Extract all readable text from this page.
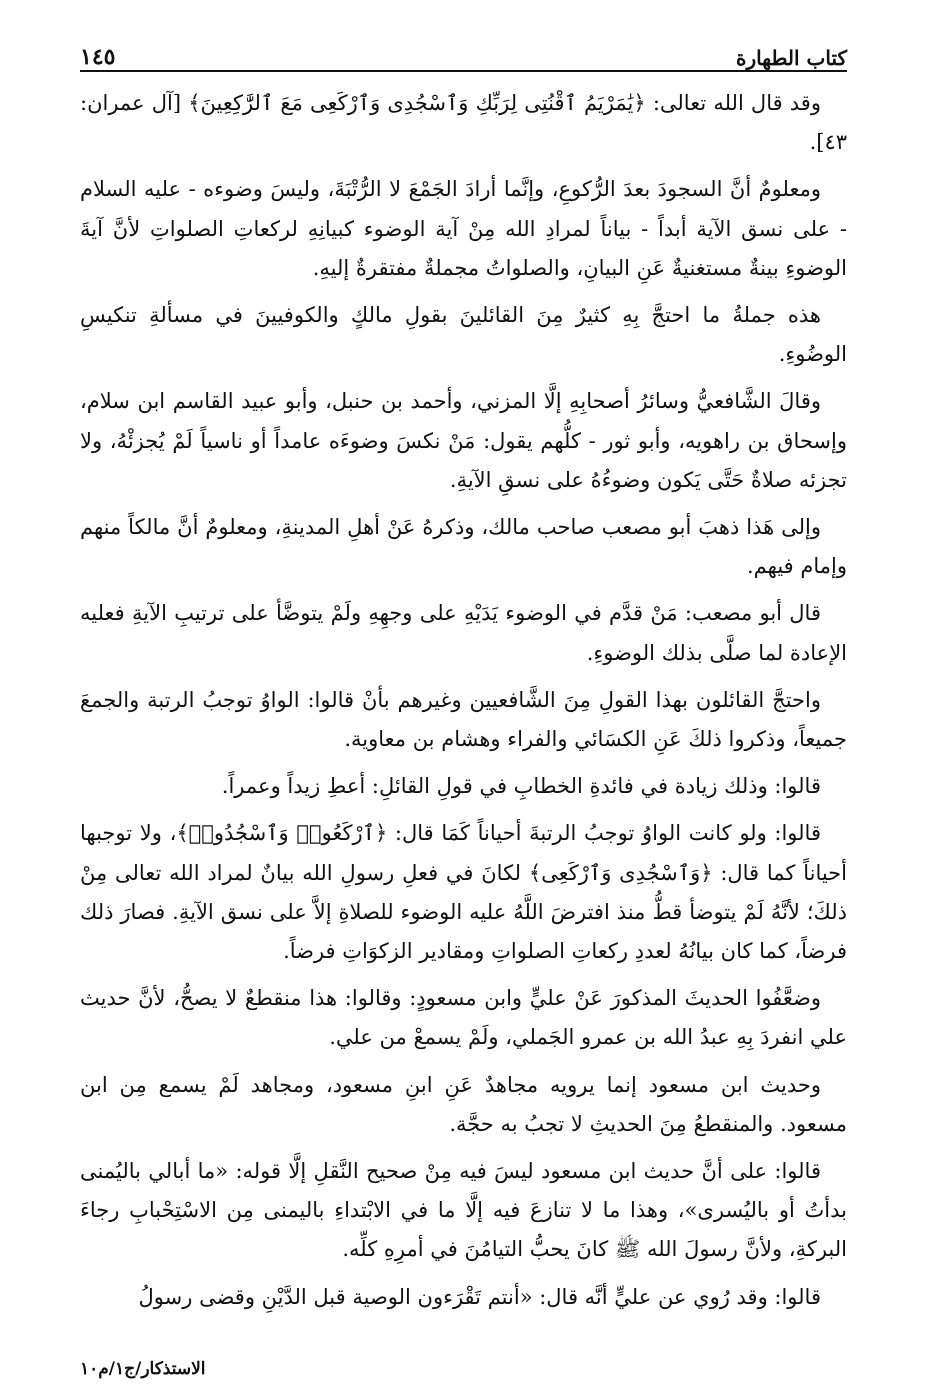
كتاب الطهارة
١٤٥

وقد قال الله تعالى: ﴿يَٰمَرْيَمُ ٱقْنُتِى لِرَبِّكِ وَٱسْجُدِى وَٱرْكَعِى مَعَ ٱلرَّٰكِعِينَ﴾ [آل عمران: ٤٣].

ومعلومٌ أنَّ السجودَ بعدَ الرُّكوعِ، وإنَّما أرادَ الجَمْعَ لا الرُّتْبَةَ، وليسَ وضوءه - عليه السلام - على نسق الآية أبداً - بياناً لمرادِ الله مِنْ آية الوضوء كبيانِهِ لركعاتِ الصلواتِ لأنَّ آيةَ الوضوءِ بينةٌ مستغنيةٌ عَنِ البيانِ، والصلواتُ مجملةٌ مفتقرةٌ إليهِ.

هذه جملةُ ما احتجَّ بِهِ كثيرٌ مِنَ القائلينَ بقولِ مالكٍ والكوفيينَ في مسألةِ تنكيسِ الوضُوءِ.

وقالَ الشَّافعيُّ وسائرُ أصحابِهِ إلَّا المزني، وأحمد بن حنبل، وأبو عبيد القاسم ابن سلام، وإسحاق بن راهويه، وأبو ثور - كلُّهم يقول: مَنْ نكسَ وضوءَه عامداً أو ناسياً لَمْ يُجزئْهُ، ولا تجزئه صلاةٌ حَتَّى يَكون وضوءُهُ على نسقِ الآيةِ.

وإلى هَذا ذهبَ أبو مصعب صاحب مالك، وذكرهُ عَنْ أهلِ المدينةِ، ومعلومٌ أنَّ مالكاً منهم وإمام فيهم.

قال أبو مصعب: مَنْ قدَّم في الوضوء يَدَيْهِ على وجهِهِ ولَمْ يتوضَّأ على ترتيبِ الآيةِ فعليه الإعادة لما صلَّى بذلك الوضوءِ.

واحتجَّ القائلون بهذا القولِ مِنَ الشَّافعيين وغيرهم بأنْ قالوا: الواوُ توجبُ الرتبة والجمعَ جميعاً، وذكروا ذلكَ عَنِ الكسَائي والفراء وهشام بن معاوية.

قالوا: وذلك زيادة في فائدةِ الخطابِ في قولِ القائلِ: أعطِ زيداً وعمراً.

قالوا: ولو كانت الواوُ توجبُ الرتبةَ أحياناً كَمَا قال: ﴿ٱرْكَعُوا۟ وَٱسْجُدُوا۟﴾، ولا توجبها أحياناً كما قال: ﴿وَٱسْجُدِى وَٱرْكَعِى﴾ لكانَ في فعلِ رسولِ الله بيانٌ لمراد الله تعالى مِنْ ذلكَ؛ لأنَّهُ لَمْ يتوضأ قطُّ منذ افترضَ اللَّهُ عليه الوضوء للصلاةِ إلاَّ على نسق الآيةِ. فصارَ ذلك فرضاً، كما كان بيانُهُ لعددِ ركعاتِ الصلواتِ ومقادير الزكوَاتِ فرضاً.

وضعَّفُوا الحديثَ المذكورَ عَنْ عليٍّ وابن مسعودٍ: وقالوا: هذا منقطعٌ لا يصحُّ، لأنَّ حديث علي انفردَ بِهِ عبدُ الله بن عمرو الجَملي، ولَمْ يسمعْ من علي.

وحديث ابن مسعود إنما يرويه مجاهدٌ عَنِ ابنِ مسعود، ومجاهد لَمْ يسمع مِن ابن مسعود. والمنقطعُ مِنَ الحديثِ لا تجبُ به حجَّة.

قالوا: على أنَّ حديث ابن مسعود ليسَ فيه مِنْ صحيح النَّقلِ إلَّا قوله: «ما أبالي باليُمنى بدأتُ أو باليُسرى»، وهذا ما لا تنازعَ فيه إلَّا ما في الابْتداءِ باليمنى مِن الاسْتِحْبابِ رجاءَ البركةِ، ولأنَّ رسولَ الله ﷺ كانَ يحبُّ التيامُنَ في أمرِهِ كلِّه.

قالوا: وقد رُوي عن عليٍّ أنَّه قال: «أنتم تَقْرَءون الوصية قبل الدَّيْنِ وقضى رسولُ

الاستذكار/ج١/م١٠
